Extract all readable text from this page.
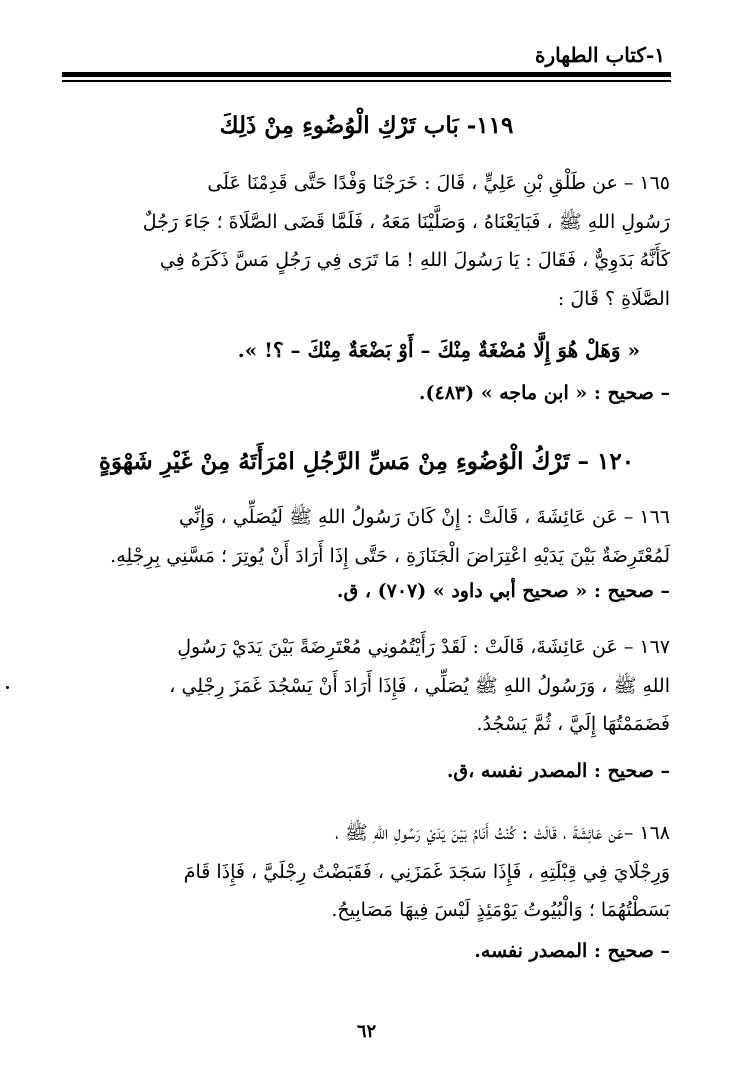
١-كتاب الطهارة
١١٩- بَاب تَرْكِ الْوُضُوءِ مِنْ ذَلِكَ
١٦٥ – عن طَلْقِ بْنِ عَلِيٍّ ، قَالَ : خَرَجْنَا وَفْدًا حَتَّى قَدِمْنَا عَلَى
رَسُولِ اللهِ ﷺ ، فَبَايَعْنَاهُ ، وَصَلَّيْنَا مَعَهُ ، فَلَمَّا قَضَى الصَّلَاةَ ؛ جَاءَ رَجُلٌ
كَأَنَّهُ بَدَوِيٌّ ، فَقَالَ : يَا رَسُولَ اللهِ ! مَا تَرَى فِي رَجُلٍ مَسَّ ذَكَرَهُ فِي
الصَّلَاةِ ؟ قَالَ :
« وَهَلْ هُوَ إِلَّا مُضْغَةٌ مِنْكَ – أَوْ بَضْعَةٌ مِنْكَ – ؟! ».
– صحيح : « ابن ماجه » (٤٨٣).
١٢٠ – تَرْكُ الْوُضُوءِ مِنْ مَسِّ الرَّجُلِ امْرَأَتَهُ مِنْ غَيْرِ شَهْوَةٍ
١٦٦ – عَن عَائِشَةَ ، قَالَتْ : إِنْ كَانَ رَسُولُ اللهِ ﷺ لَيُصَلِّي ، وَإِنِّي
لَمُعْتَرِضَةٌ بَيْنَ يَدَيْهِ اعْتِرَاضَ الْجَنَازَةِ ، حَتَّى إِذَا أَرَادَ أَنْ يُوتِرَ ؛ مَسَّنِي بِرِجْلِهِ.
– صحيح : « صحيح أبي داود » (٧٠٧) ، ق.
١٦٧ – عَن عَائِشَةَ، قَالَتْ : لَقَدْ رَأَيْتُمُونِي مُعْتَرِضَةً بَيْنَ يَدَيْ رَسُولِ
اللهِ ﷺ ، وَرَسُولُ اللهِ ﷺ يُصَلِّي ، فَإِذَا أَرَادَ أَنْ يَسْجُدَ غَمَزَ رِجْلِي ،
فَضَمَمْتُهَا إِلَيَّ ، ثُمَّ يَسْجُدُ.
– صحيح : المصدر نفسه ،ق.
١٦٨ –عَن عَائِشَةَ ، قَالَتْ : كُنْتُ أَنَامُ بَيْنَ يَدَيْ رَسُولِ اللهِ ﷺ ،
وَرِجْلَايَ فِي قِبْلَتِهِ ، فَإِذَا سَجَدَ غَمَزَنِي ، فَقَبَضْتُ رِجْلَيَّ ، فَإِذَا قَامَ
بَسَطْتُهُمَا ؛ وَالْبُيُوتُ يَوْمَئِذٍ لَيْسَ فِيهَا مَصَابِيحُ.
– صحيح : المصدر نفسه.
٦٢
